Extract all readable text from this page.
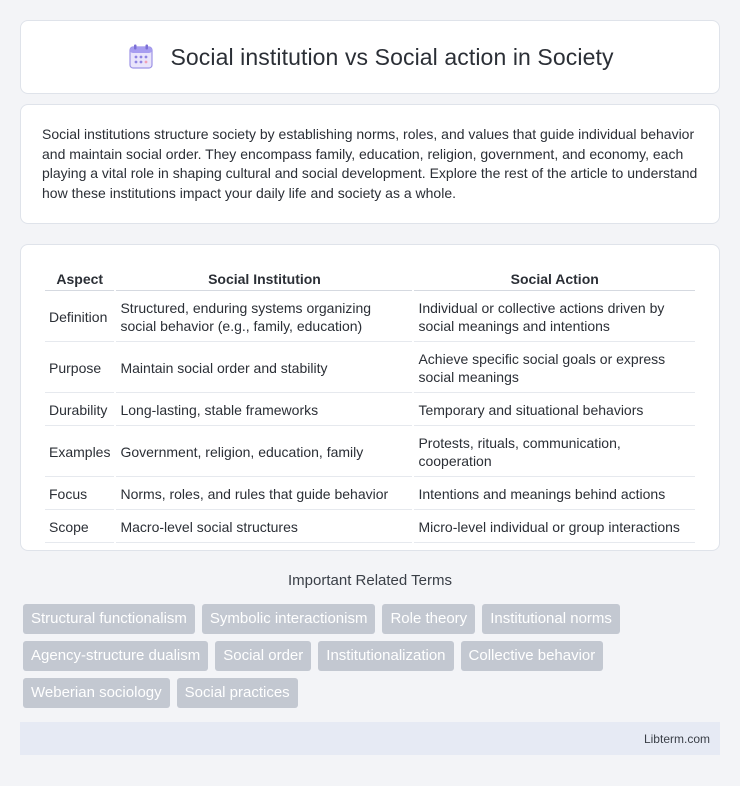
Social institution vs Social action in Society

Social institutions structure society by establishing norms, roles, and values that guide individual behavior and maintain social order. They encompass family, education, religion, government, and economy, each playing a vital role in shaping cultural and social development. Explore the rest of the article to understand how these institutions impact your daily life and society as a whole.

Aspect	Social Institution	Social Action
Definition	Structured, enduring systems organizing social behavior (e.g., family, education)	Individual or collective actions driven by social meanings and intentions
Purpose	Maintain social order and stability	Achieve specific social goals or express social meanings
Durability	Long-lasting, stable frameworks	Temporary and situational behaviors
Examples	Government, religion, education, family	Protests, rituals, communication, cooperation
Focus	Norms, roles, and rules that guide behavior	Intentions and meanings behind actions
Scope	Macro-level social structures	Micro-level individual or group interactions
Important Related Terms
Structural functionalism	Symbolic interactionism	Role theory	Institutional norms
Agency-structure dualism	Social order	Institutionalization	Collective behavior
Weberian sociology	Social practices
Libterm.com
